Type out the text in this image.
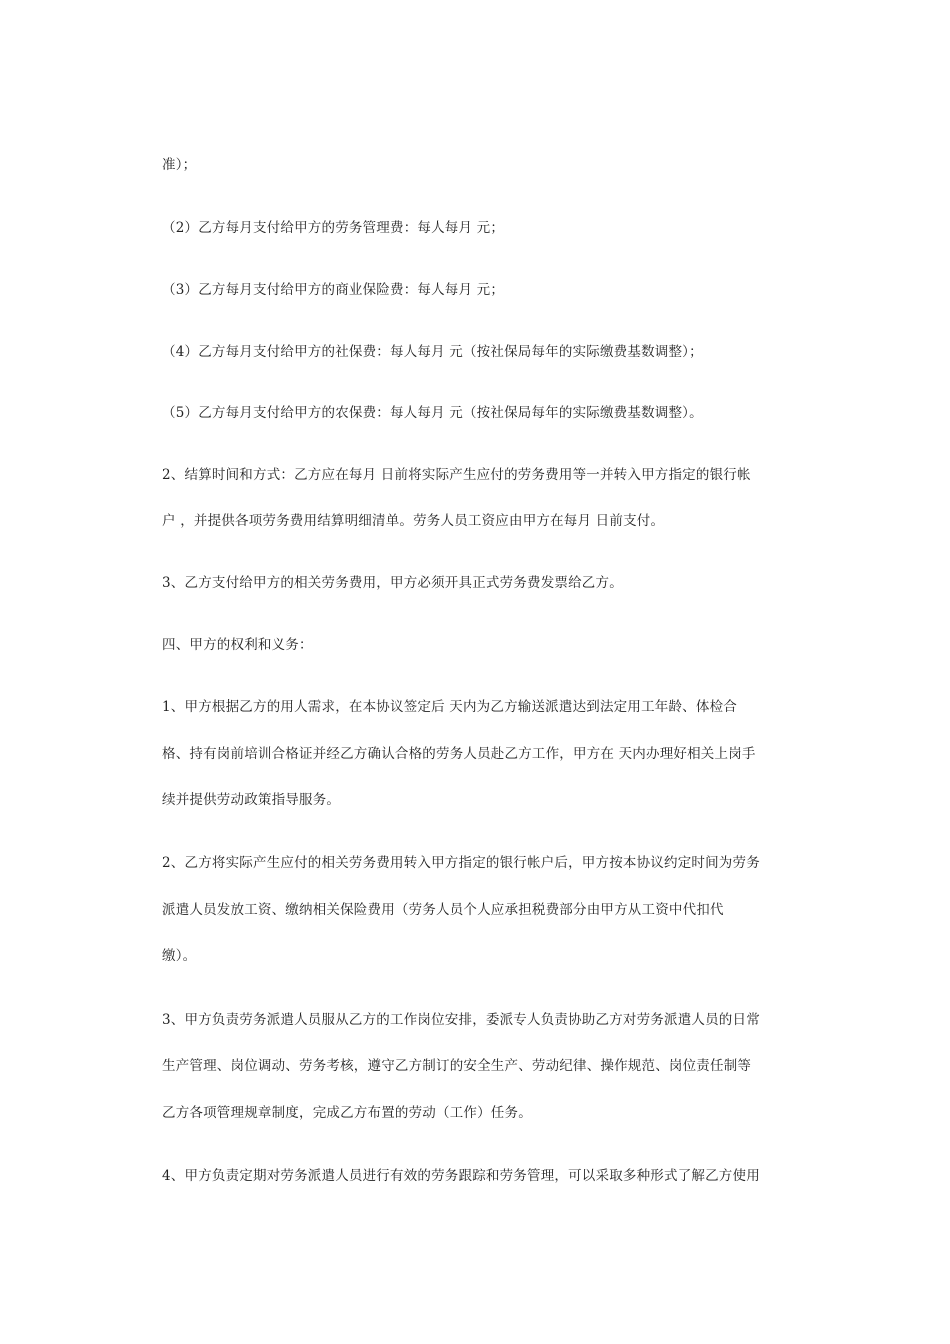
准）；
（2）乙方每月支付给甲方的劳务管理费：每人每月 元；
（3）乙方每月支付给甲方的商业保险费：每人每月 元；
（4）乙方每月支付给甲方的社保费：每人每月 元（按社保局每年的实际缴费基数调整）；
（5）乙方每月支付给甲方的农保费：每人每月 元（按社保局每年的实际缴费基数调整）。
2、结算时间和方式：乙方应在每月 日前将实际产生应付的劳务费用等一并转入甲方指定的银行帐
户 ，并提供各项劳务费用结算明细清单。劳务人员工资应由甲方在每月 日前支付。
3、乙方支付给甲方的相关劳务费用，甲方必须开具正式劳务费发票给乙方。
四、甲方的权利和义务：
1、甲方根据乙方的用人需求，在本协议签定后 天内为乙方输送派遣达到法定用工年龄、体检合
格、持有岗前培训合格证并经乙方确认合格的劳务人员赴乙方工作，甲方在 天内办理好相关上岗手
续并提供劳动政策指导服务。
2、乙方将实际产生应付的相关劳务费用转入甲方指定的银行帐户后，甲方按本协议约定时间为劳务
派遣人员发放工资、缴纳相关保险费用（劳务人员个人应承担税费部分由甲方从工资中代扣代
缴）。
3、甲方负责劳务派遣人员服从乙方的工作岗位安排，委派专人负责协助乙方对劳务派遣人员的日常
生产管理、岗位调动、劳务考核，遵守乙方制订的安全生产、劳动纪律、操作规范、岗位责任制等
乙方各项管理规章制度，完成乙方布置的劳动（工作）任务。
4、甲方负责定期对劳务派遣人员进行有效的劳务跟踪和劳务管理，可以采取多种形式了解乙方使用
